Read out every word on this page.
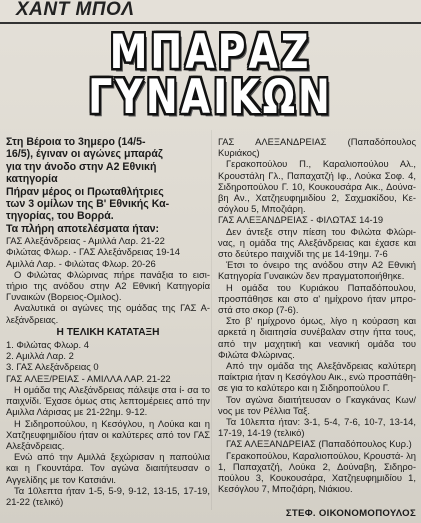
ΧΑΝΤ ΜΠΟΛ
ΜΠΑΡΑΖ
ΓΥΝΑΙΚΩΝ

Στη Βέροια το 3ημερο (14/5-

16/5), έγιναν οι αγώνες μπαράζ

για την άνοδο στην Α2 Εθνική

κατηγορία

Πήραν μέρος οι Πρωταθλήτριες

των 3 ομίλων της Β' Εθνικής Κα-

τηγορίας, του Βορρά.

Τα πλήρη αποτελέσματα ήταν:

ΓΑΣ Αλεξάνδρειας - Αμιλλά Λαρ. 21-22

Φιλώτας Φλωρ. - ΓΑΣ Αλεξάνδρειας 19-14

Αμιλλά Λαρ. - Φιλώτας Φλωρ. 20-26

Ο Φιλώτας Φλώρινας πήρε πανάξια το εισι- τήριο της ανόδου στην Α2 Εθνική Κατηγορία Γυναικών (Βορειος-Ομιλος).

Αναλυτικά οι αγώνες της ομάδας της ΓΑΣ Α- λεξάνδρειας.

Η ΤΕΛΙΚΗ ΚΑΤΑΤΑΞΗ

1. Φιλώτας Φλωρ. 4

2. Αμιλλά Λαρ. 2

3. ΓΑΣ Αλεξάνδρειας 0

ΓΑΣ ΑΛΕΞ/ΡΕΙΑΣ - ΑΜΙΛΛΑ ΛΑΡ. 21-22

Η ομάδα της Αλεξάνδρειας πάλεψε στα ί- σα το παιχνίδι. Έχασε όμως στις λεπτομέρειες από την Αμιλλα Λάρισας με 21-22ημ. 9-12.

Η Σιδηροπούλου, η Κεσόγλου, η Λούκα και η Χατζηευφημιδίου ήταν οι καλύτερες από τον ΓΑΣ Αλεξάνδρειας.

Ενώ από την Αμιλλά ξεχώρισαν η παπούλια και η Γκουντάρα. Τον αγώνα διαιτήτευσαν ο Αγγελίδης με τον Κατσιάνι.

Τα 10λεπτα ήταν 1-5, 5-9, 9-12, 13-15, 17-19, 21-22 (τελικό)

ΓΑΣ ΑΛΕΞΑΝΔΡΕΙΑΣ (Παπαδόπουλος Κυριάκος)

Γερακοπούλου Π., Καραλιοπούλου Αλ., Κρουστάλη Γλ., Παπαχατζή Ιφ., Λούκα Σοφ. 4, Σιδηροπούλου Γ. 10, Κουκουσάρα Αικ., Δούνα- βη Αν., Χατζηευφημιδίου 2, Σαχμακίδου, Κε- σόγλου 5, Μποζιάρη.

ΓΑΣ ΑΛΕΞΑΝΔΡΕΙΑΣ - ΦΙΛΩΤΑΣ 14-19

Δεν άντεξε στην πίεση του Φιλώτα Φλώρι- νας, η ομάδα της Αλεξάνδρειας και έχασε και στο δεύτερο παιχνίδι της με 14-19ημ. 7-6

Έτσι το όνειρο της ανόδου στην Α2 Εθνική Κατηγορία Γυναικών δεν πραγματοποιήθηκε.

Η ομάδα του Κυριάκου Παπαδόπουλου, προσπάθησε και στο α' ημίχρονο ήταν μπρο- στά στο σκορ (7-6).

Στο β' ημίχρονο όμως, λίγο η κούραση και αρκετά η διαιτησία συνέβαλαν στην ήττα τους, από την μαχητική και νεανική ομάδα του Φιλώτα Φλώρινας.

Από την ομάδα της Αλεξάνδρειας καλύτερη παίκτρια ήταν η Κεσόγλου Αικ., ενώ προσπάθη- σε για το καλύτερο και η Σιδηροπούλου Γ.

Τον αγώνα διαιτήτευσαν ο Γκαγκάνας Κων/νος με τον Ρέλλια Ταξ.

Τα 10λεπτα ήταν: 3-1, 5-4, 7-6, 10-7, 13-14, 17-19, 14-19 (τελικό)

ΓΑΣ ΑΛΕΞΑΝΔΡΕΙΑΣ (Παπαδόπουλος Κυρ.)

Γερακοπούλου, Καραλιοπούλου, Κρουστά- λη 1, Παπαχατζή, Λούκα 2, Δούναβη, Σιδηρο- πούλου 3, Κουκουσάρα, Χατζηευφημιδίου 1, Κεσόγλου 7, Μποζιάρη, Νιάκιου.

ΣΤΕΦ. ΟΙΚΟΝΟΜΟΠΟΥΛΟΣ
